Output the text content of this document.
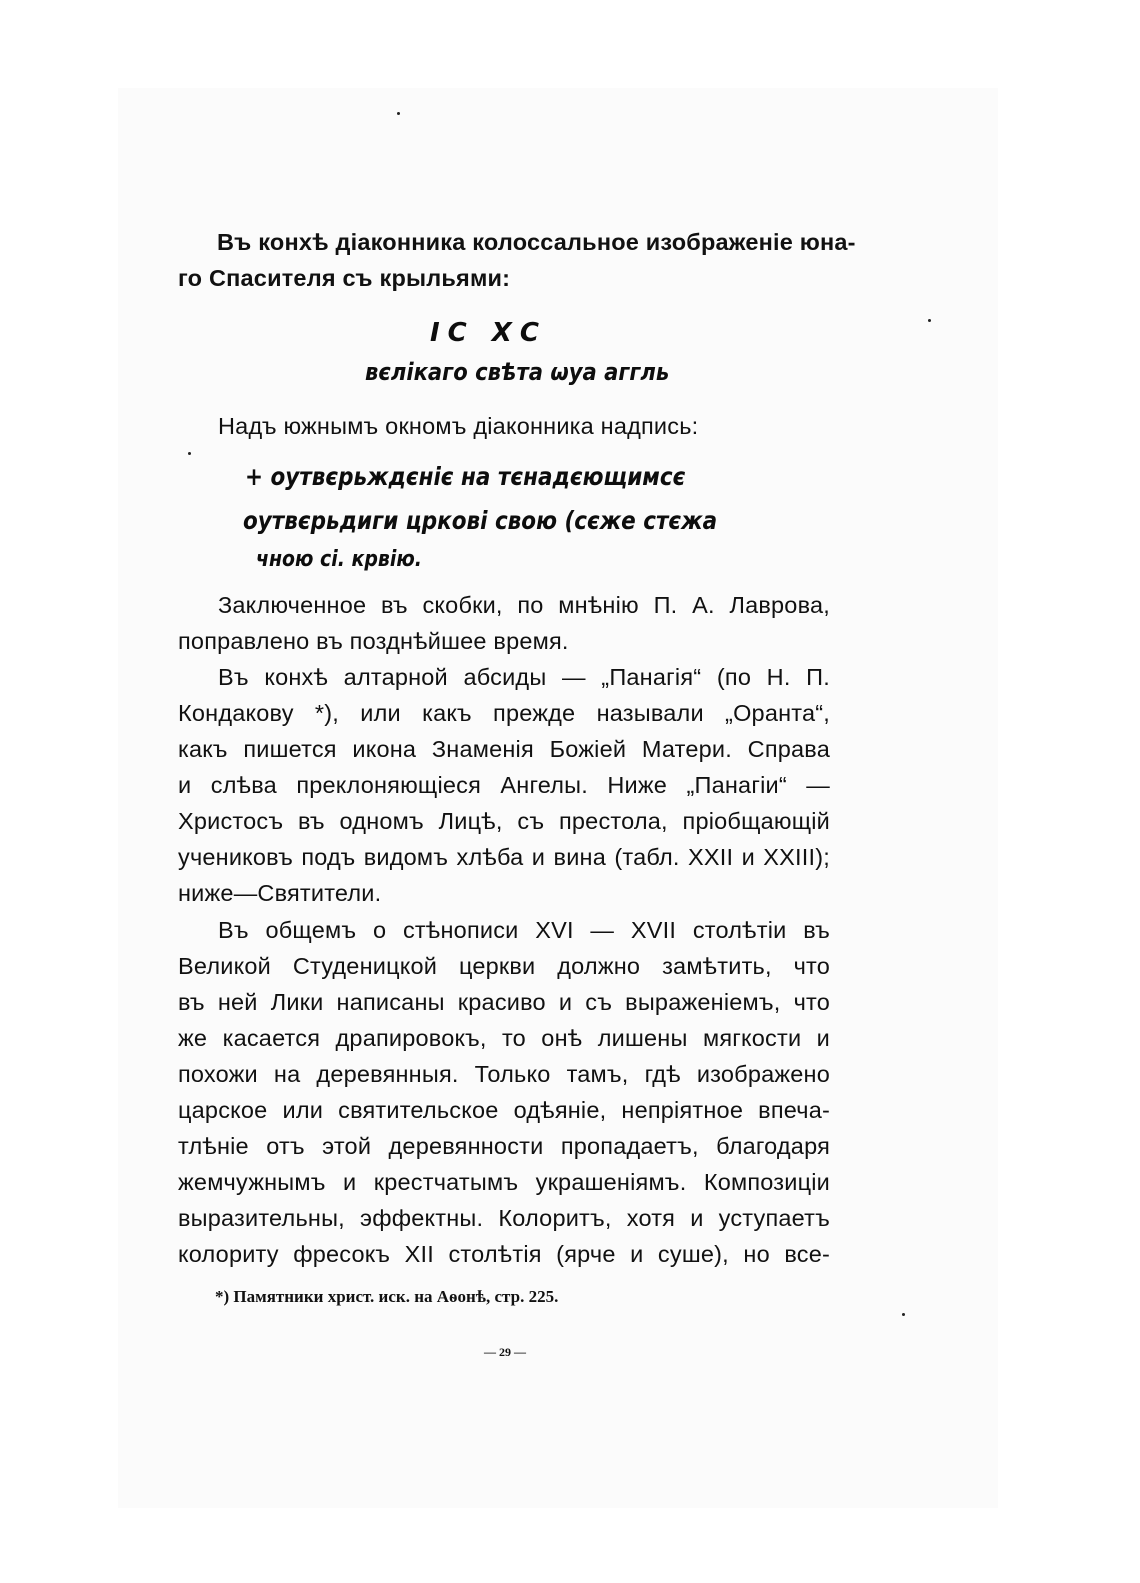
Въ конхѣ діаконника колоссальное изображеніе юна-
го Спасителя съ крыльями:
ІС ХС
вєлікаго свѣта ѡуа аггль
Надъ южнымъ окномъ діаконника надпись:
+ оутвєрьждєніє на тєнадєющимсє
оутвєрьдиги цркові свою (сєже стєжа
чною сі. крвію.
Заключенное въ скобки, по мнѣнію П. А. Лаврова,
поправлено въ позднѣйшее время.
Въ конхѣ алтарной абсиды — „Панагія“ (по Н. П.
Кондакову *), или какъ прежде называли „Оранта“,
какъ пишется икона Знаменія Божіей Матери. Справа
и слѣва преклоняющіеся Ангелы. Ниже „Панагіи“ —
Христосъ въ одномъ Лицѣ, съ престола, пріобщающій
учениковъ подъ видомъ хлѣба и вина (табл. XXII и XXIII);
ниже—Святители.
Въ общемъ о стѣнописи XVI — XVII столѣтіи въ
Великой Студеницкой церкви должно замѣтить, что
въ ней Лики написаны красиво и съ выраженіемъ, что
же касается драпировокъ, то онѣ лишены мягкости и
похожи на деревянныя. Только тамъ, гдѣ изображено
царское или святительское одѣяніе, непріятное впеча-
тлѣніе отъ этой деревянности пропадаетъ, благодаря
жемчужнымъ и крестчатымъ украшеніямъ. Композиціи
выразительны, эффектны. Колоритъ, хотя и уступаетъ
колориту фресокъ XII столѣтія (ярче и суше), но все-
*) Памятники христ. иск. на Аѳонѣ, стр. 225.
— 29 —
